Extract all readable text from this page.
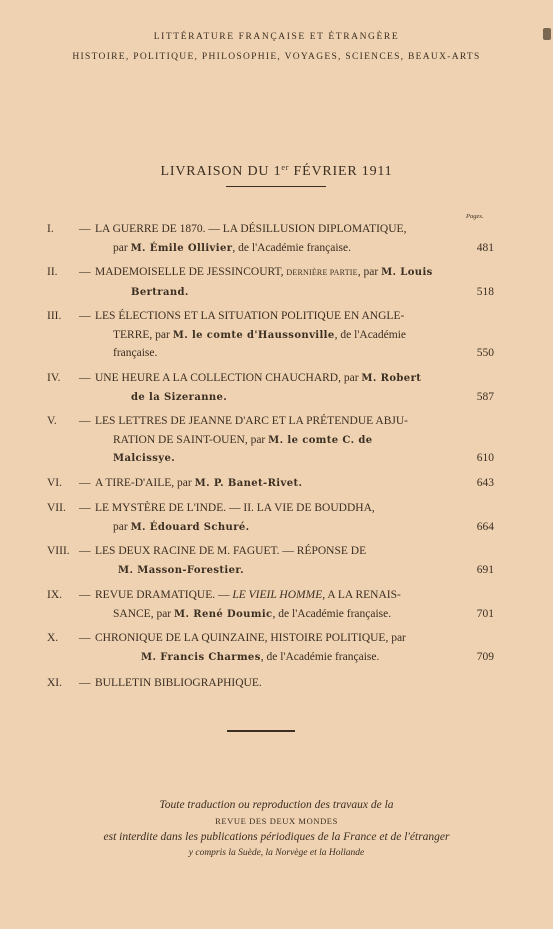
LITTÉRATURE FRANÇAISE ET ÉTRANGÈRE
HISTOIRE, POLITIQUE, PHILOSOPHIE, VOYAGES, SCIENCES, BEAUX-ARTS
LIVRAISON DU 1er FÉVRIER 1911
Pages.
I. — LA GUERRE DE 1870. — LA DÉSILLUSION DIPLOMATIQUE,
par M. Émile Ollivier, de l'Académie française.	481
II. — MADEMOISELLE DE JESSINCOURT, DERNIÈRE PARTIE, par M. Louis
Bertrand.	518
III. — LES ÉLECTIONS ET LA SITUATION POLITIQUE EN ANGLE-
TERRE, par M. le comte d'Haussonville, de l'Académie
française.	550
IV. — UNE HEURE A LA COLLECTION CHAUCHARD, par M. Robert
de la Sizeranne.	587
V. — LES LETTRES DE JEANNE D'ARC ET LA PRÉTENDUE ABJU-
RATION DE SAINT-OUEN, par M. le comte C. de
Malcissye.	610
VI. — A TIRE-D'AILE, par M. P. Banet-Rivet.	643
VII. — LE MYSTÈRE DE L'INDE. — II. LA VIE DE BOUDDHA,
par M. Édouard Schuré.	664
VIII. — LES DEUX RACINE DE M. FAGUET. — RÉPONSE DE
M. Masson-Forestier.	691
IX. — REVUE DRAMATIQUE. — LE VIEIL HOMME, A LA RENAIS-
SANCE, par M. René Doumic, de l'Académie française.	701
X. — CHRONIQUE DE LA QUINZAINE, HISTOIRE POLITIQUE, par
M. Francis Charmes, de l'Académie française.	709
XI. — BULLETIN BIBLIOGRAPHIQUE.
Toute traduction ou reproduction des travaux de la
REVUE DES DEUX MONDES
est interdite dans les publications périodiques de la France et de l'étranger
y compris la Suède, la Norvège et la Hollande
